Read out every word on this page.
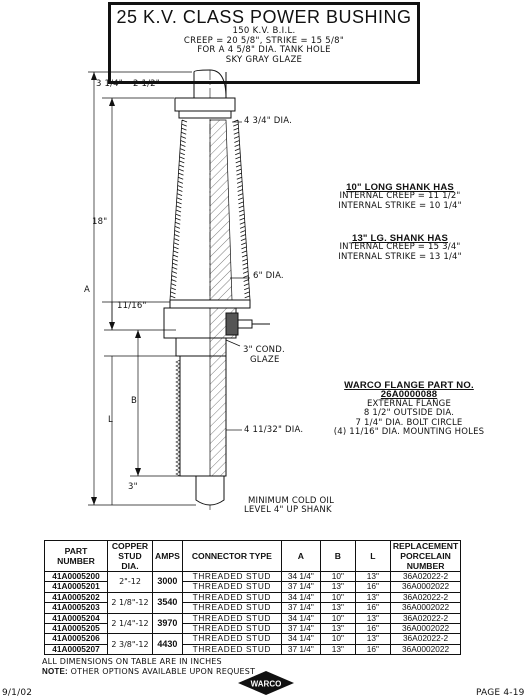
25 K.V. CLASS POWER BUSHING
150 K.V. B.I.L.
CREEP = 20 5/8", STRIKE = 15 5/8"
FOR A 4 5/8" DIA. TANK HOLE
SKY GRAY GLAZE
3 1/4" 2 1/2"
4 3/4" DIA.
18"
6" DIA.
A
11/16"
3" COND.
GLAZE
B
L
4 11/32" DIA.
3"
MINIMUM COLD OIL
LEVEL 4" UP SHANK
10" LONG SHANK HAS
INTERNAL CREEP = 11 1/2"
INTERNAL STRIKE = 10 1/4"
13" LG. SHANK HAS
INTERNAL CREEP = 15 3/4"
INTERNAL STRIKE = 13 1/4"
WARCO FLANGE PART NO. 26A0000088
EXTERNAL FLANGE
8 1/2" OUTSIDE DIA.
7 1/4" DIA. BOLT CIRCLE
(4) 11/16" DIA. MOUNTING HOLES
PART NUMBER	COPPER STUD DIA.	AMPS	CONNECTOR TYPE	A	B	L	REPLACEMENT PORCELAIN NUMBER
41A0005200	2"-12	3000	THREADED STUD	34 1/4"	10"	13"	36A02022-2
41A0005201			THREADED STUD	37 1/4"	13"	16"	36A0002022
41A0005202	2 1/8"-12	3540	THREADED STUD	34 1/4"	10"	13"	36A02022-2
41A0005203			THREADED STUD	37 1/4"	13"	16"	36A0002022
41A0005204	2 1/4"-12	3970	THREADED STUD	34 1/4"	10"	13"	36A02022-2
41A0005205			THREADED STUD	37 1/4"	13"	16"	36A0002022
41A0005206	2 3/8"-12	4430	THREADED STUD	34 1/4"	10"	13"	36A02022-2
41A0005207			THREADED STUD	37 1/4"	13"	16"	36A0002022
ALL DIMENSIONS ON TABLE ARE IN INCHES
NOTE: OTHER OPTIONS AVAILABLE UPON REQUEST
9/1/02	PAGE 4-19
WARCO
